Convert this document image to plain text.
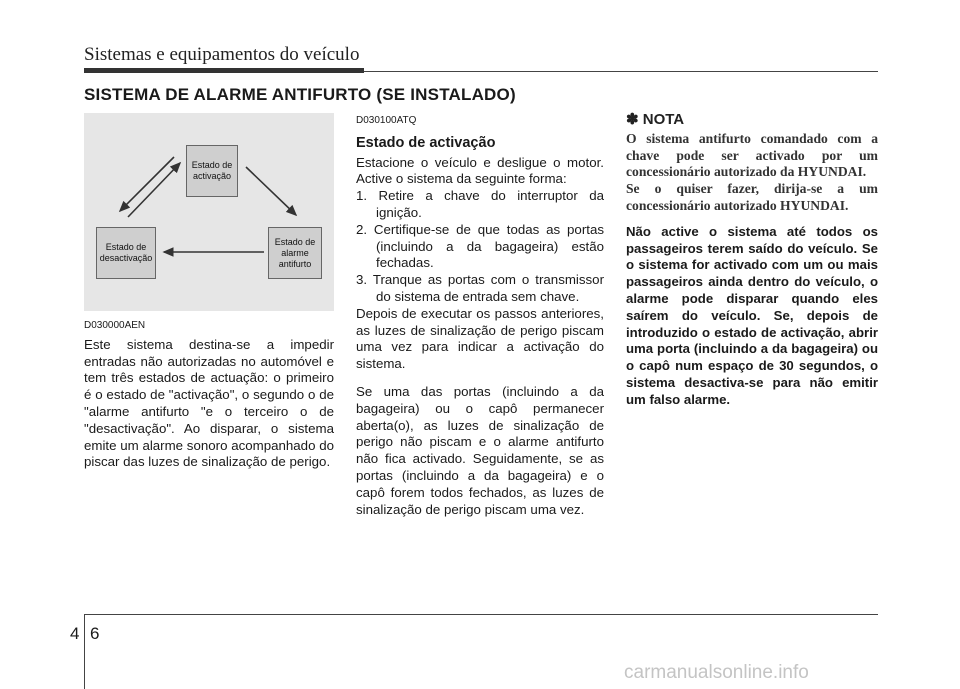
Sistemas e equipamentos do veículo
SISTEMA DE ALARME ANTIFURTO (SE INSTALADO)
Estado de
activação
Estado de
desactivação
Estado de
alarme
antifurto

D030000AEN

Este sistema destina-se a impedir entradas não autorizadas no automóvel e tem três estados de actuação: o primeiro é o estado de "activação", o segundo o de "alarme antifurto "e o terceiro o de "desactivação". Ao disparar, o sistema emite um alarme sonoro acompanhado do piscar das luzes de sinalização de perigo.

D030100ATQ

Estado de activação

Estacione o veículo e desligue o motor. Active o sistema da seguinte forma:

1. Retire a chave do interruptor da ignição.

2. Certifique-se de que todas as portas (incluindo a da bagageira) estão fechadas.

3. Tranque as portas com o transmissor do sistema de entrada sem chave.

Depois de executar os passos anteriores, as luzes de sinalização de perigo piscam uma vez para indicar a activação do sistema.

Se uma das portas (incluindo a da bagageira) ou o capô permanecer aberta(o), as luzes de sinalização de perigo não piscam e o alarme antifurto não fica activado. Seguidamente, se as portas (incluindo a da bagageira) e o capô forem todos fechados, as luzes de sinalização de perigo piscam uma vez.

✽ NOTA

O sistema antifurto comandado com a chave pode ser activado por um concessionário autorizado da HYUNDAI.

Se o quiser fazer, dirija-se a um concessionário autorizado HYUNDAI.

Não active o sistema até todos os passageiros terem saído do veículo. Se o sistema for activado com um ou mais passageiros ainda dentro do veículo, o alarme pode disparar quando eles saírem do veículo. Se, depois de introduzido o estado de activação, abrir uma porta (incluindo a da bagageira) ou o capô num espaço de 30 segundos, o sistema desactiva-se para não emitir um falso alarme.

4 6
carmanualsonline.info
